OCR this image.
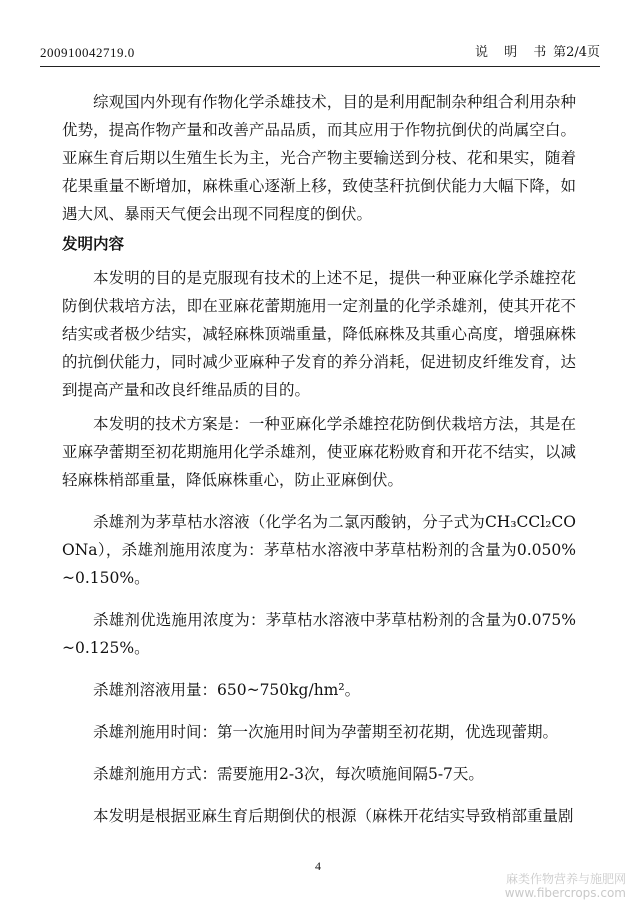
200910042719.0	说 明 书 第2/4页

综观国内外现有作物化学杀雄技术，目的是利用配制杂种组合利用杂种优势，提高作物产量和改善产品品质，而其应用于作物抗倒伏的尚属空白。亚麻生育后期以生殖生长为主，光合产物主要输送到分枝、花和果实，随着花果重量不断增加，麻株重心逐渐上移，致使茎秆抗倒伏能力大幅下降，如遇大风、暴雨天气便会出现不同程度的倒伏。

发明内容

本发明的目的是克服现有技术的上述不足，提供一种亚麻化学杀雄控花防倒伏栽培方法，即在亚麻花蕾期施用一定剂量的化学杀雄剂，使其开花不结实或者极少结实，减轻麻株顶端重量，降低麻株及其重心高度，增强麻株的抗倒伏能力，同时减少亚麻种子发育的养分消耗，促进韧皮纤维发育，达到提高产量和改良纤维品质的目的。

本发明的技术方案是：一种亚麻化学杀雄控花防倒伏栽培方法，其是在亚麻孕蕾期至初花期施用化学杀雄剂，使亚麻花粉败育和开花不结实，以减轻麻株梢部重量，降低麻株重心，防止亚麻倒伏。

杀雄剂为茅草枯水溶液（化学名为二氯丙酸钠，分子式为CH₃CCl₂COONa），杀雄剂施用浓度为：茅草枯水溶液中茅草枯粉剂的含量为0.050%~0.150%。

杀雄剂优选施用浓度为：茅草枯水溶液中茅草枯粉剂的含量为0.075%~0.125%。

杀雄剂溶液用量：650~750kg/hm²。

杀雄剂施用时间：第一次施用时间为孕蕾期至初花期，优选现蕾期。

杀雄剂施用方式：需要施用2-3次，每次喷施间隔5-7天。

本发明是根据亚麻生育后期倒伏的根源（麻株开花结实导致梢部重量剧

4
麻类作物营养与施肥网
www.fibercrops.com
